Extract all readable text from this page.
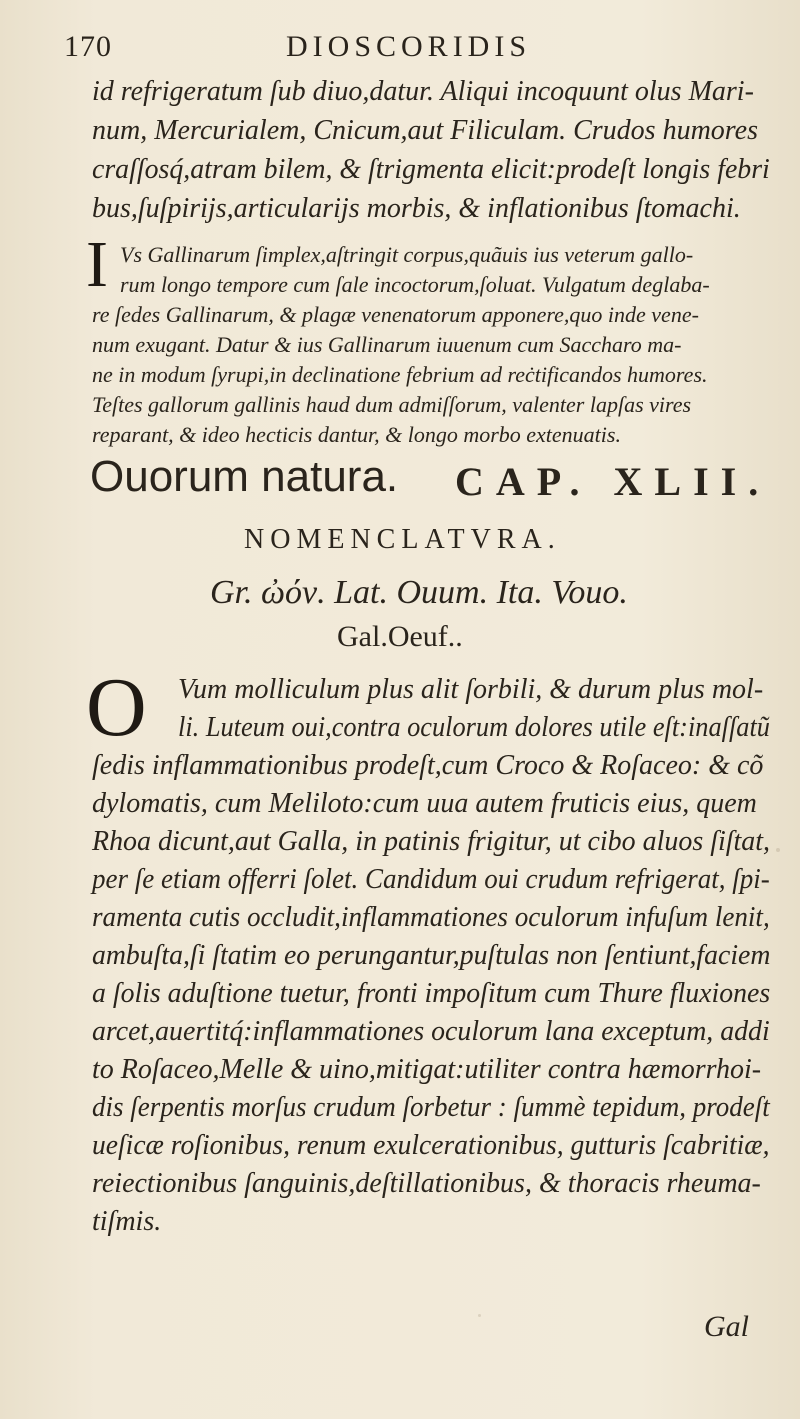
170	DIOSCORIDIS
id refrigeratum ſub diuo,datur. Aliqui incoquunt olus Mari-
num, Mercurialem, Cnicum,aut Filiculam. Crudos humores
craſſosq́,atram bilem, & ſtrigmenta elicit:prodeſt longis febri
bus,ſuſpirijs,articularijs morbis, & inflationibus ſtomachi.
I Vs Gallinarum ſimplex,aſtringit corpus,quãuis ius veterum gallo-
rum longo tempore cum ſale incoctorum,ſoluat. Vulgatum deglaba-
re ſedes Gallinarum, & plagæ venenatorum apponere,quo inde vene-
num exugant. Datur & ius Gallinarum iuuenum cum Saccharo ma-
ne in modum ſyrupi,in declinatione febrium ad reċtificandos humores.
Teſtes gallorum gallinis haud dum admiſſorum, valenter lapſas vires
reparant, & ideo hecticis dantur, & longo morbo extenuatis.
Ouorum natura. CAP. XLII.
NOMENCLATVRA.
Gr. ὠόν. Lat. Ouum. Ita. Vouo.
Gal.Oeuf..
O Vum molliculum plus alit ſorbili, & durum plus mol-
li. Luteum oui,contra oculorum dolores utile eſt:inaſſatũ
ſedis inflammationibus prodeſt,cum Croco & Roſaceo: & cõ
dylomatis, cum Meliloto:cum uua autem fruticis eius, quem
Rhoa dicunt,aut Galla, in patinis frigitur, ut cibo aluos ſiſtat,
per ſe etiam offerri ſolet. Candidum oui crudum refrigerat, ſpi-
ramenta cutis occludit,inflammationes oculorum infuſum lenit,
ambuſta,ſi ſtatim eo perungantur,puſtulas non ſentiunt,faciem
a ſolis aduſtione tuetur, fronti impoſitum cum Thure fluxiones
arcet,auertitq́:inflammationes oculorum lana exceptum, addi
to Roſaceo,Melle & uino,mitigat:utiliter contra hæmorrhoi-
dis ſerpentis morſus crudum ſorbetur : ſummè tepidum, prodeſt
ueſicæ roſionibus, renum exulcerationibus, gutturis ſcabritiæ,
reiectionibus ſanguinis,deſtillationibus, & thoracis rheuma-
tiſmis.
Gal
